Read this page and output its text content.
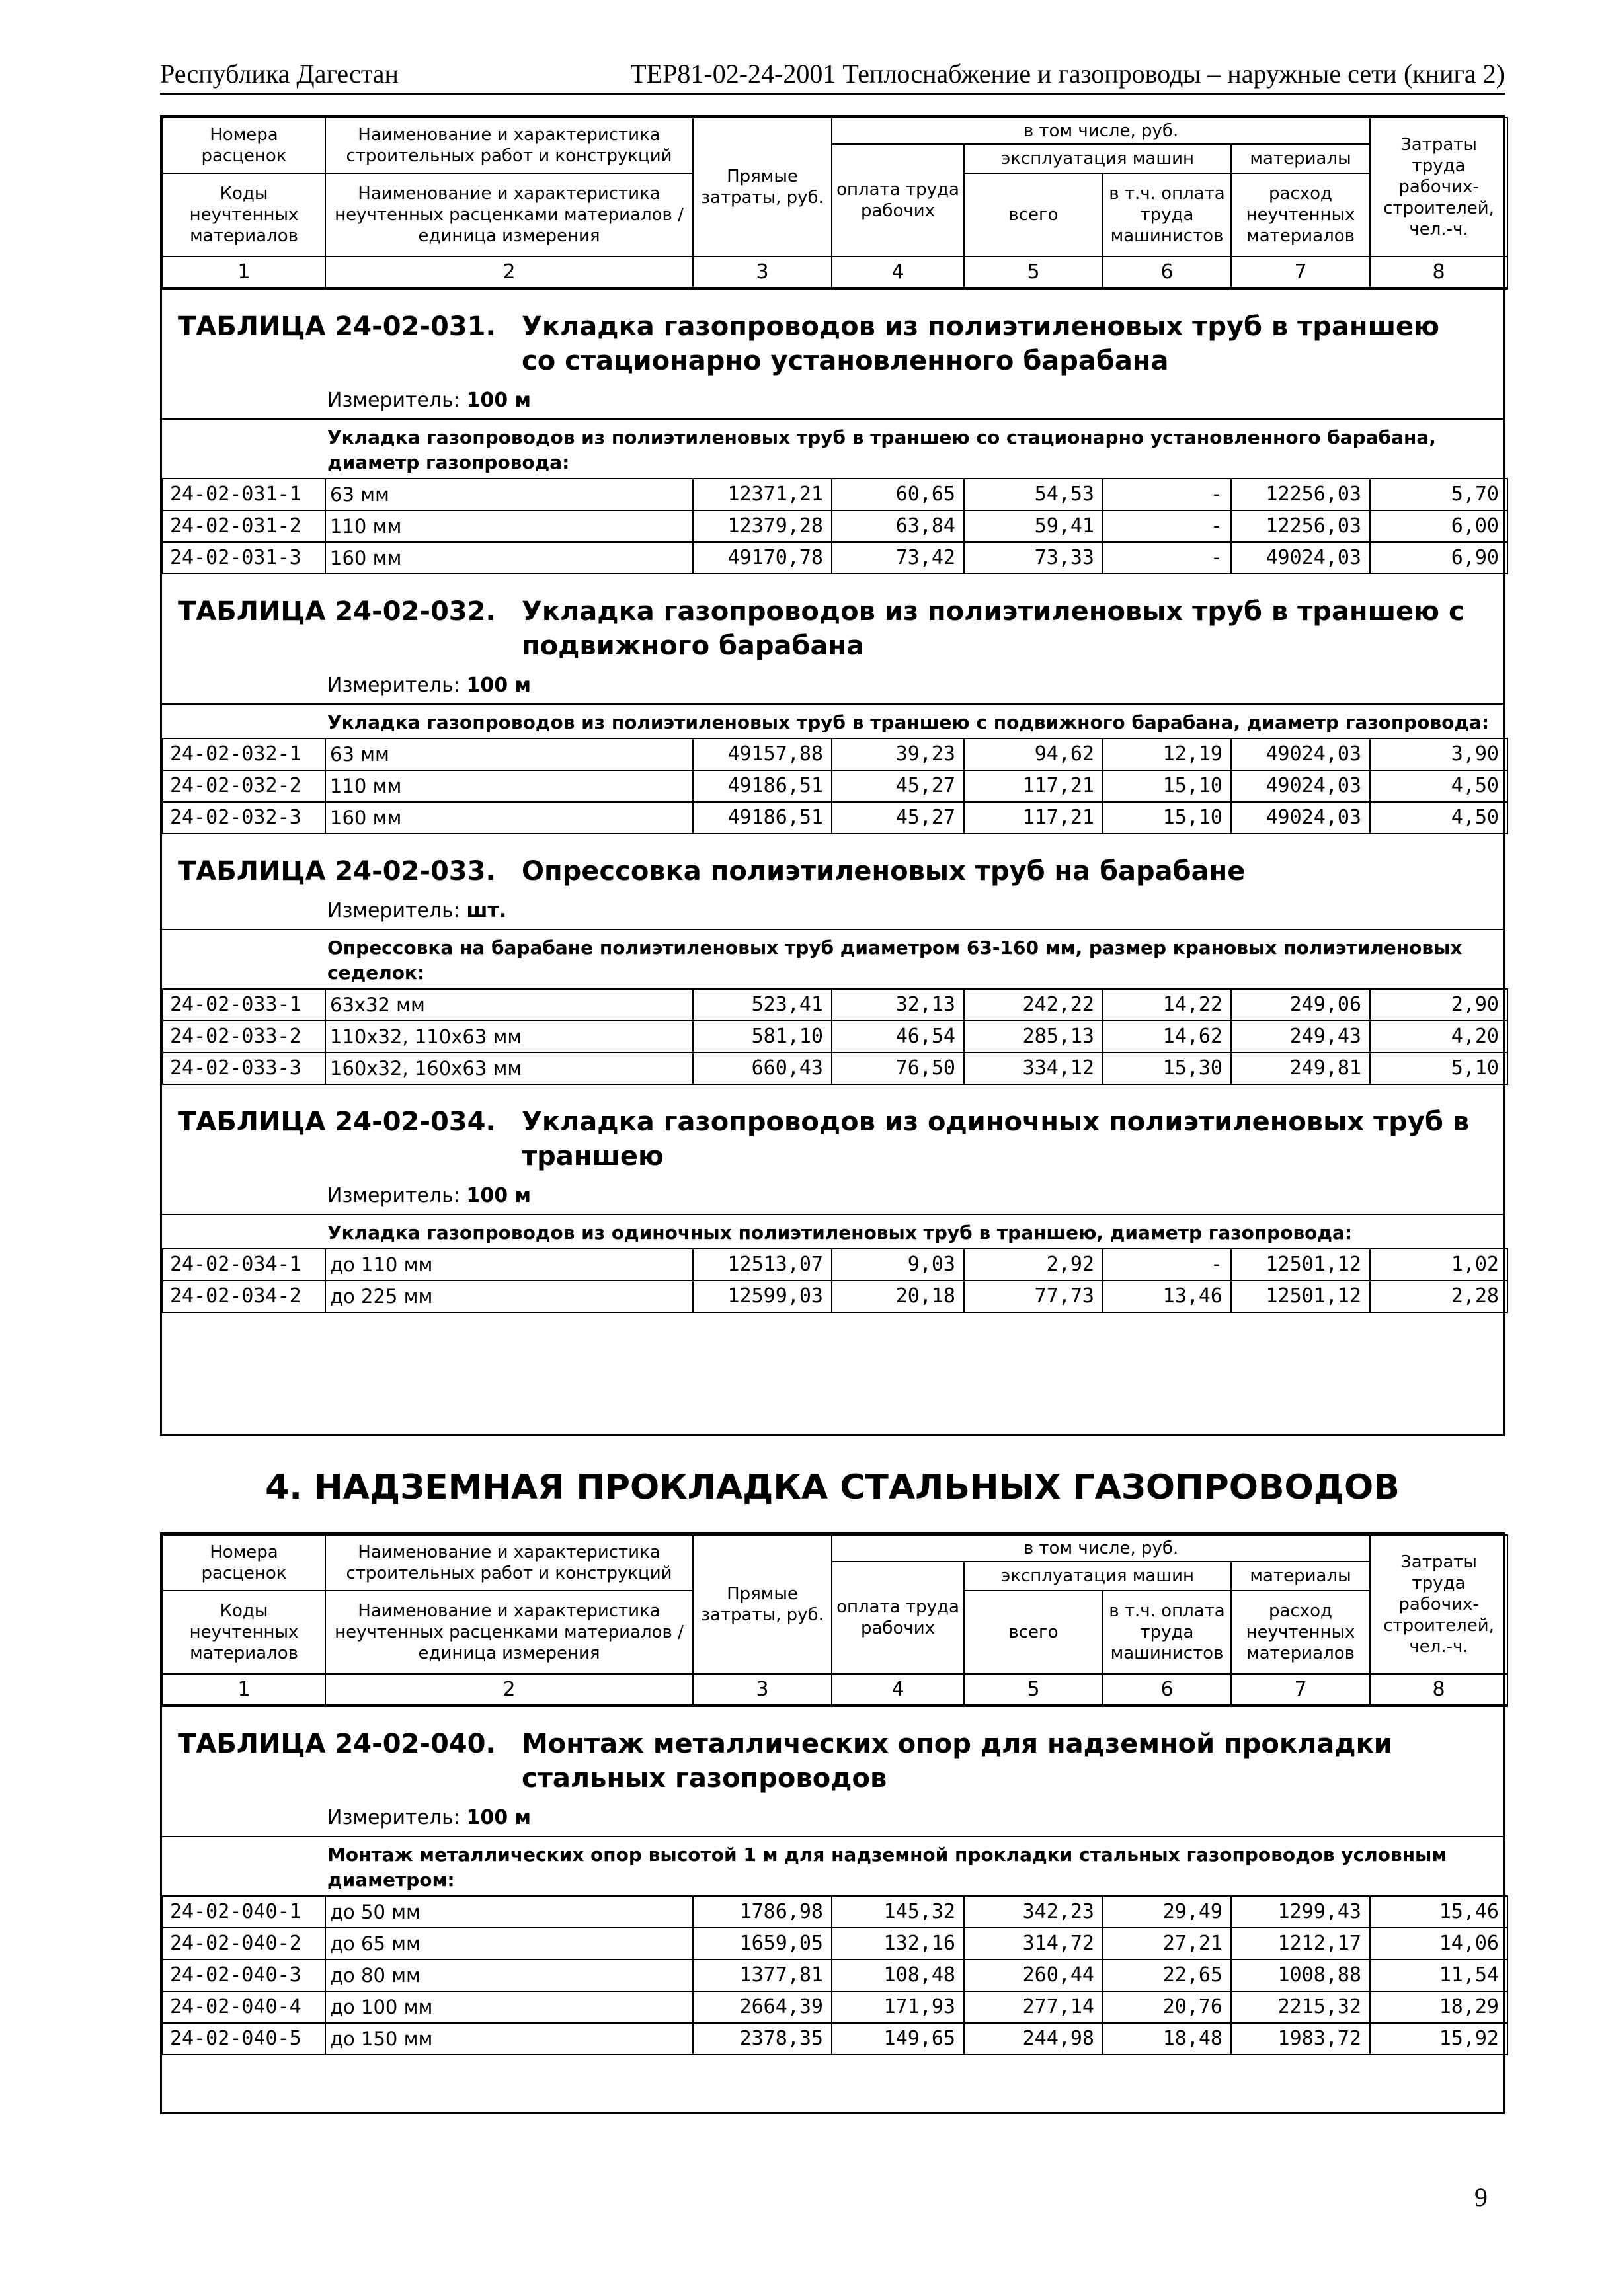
Республика Дагестан	ТЕР81-02-24-2001 Теплоснабжение и газопроводы – наружные сети (книга 2)
Номера расценок	Наименование и характеристика строительных работ и конструкций	Прямые затраты, руб.	в том числе, руб.				Затраты труда рабочих-строителей, чел.-ч.
			оплата труда рабочих	эксплуатация машин		материалы	
Коды неучтенных материалов	Наименование и характеристика неучтенных расценками материалов / единица измерения			всего	в т.ч. оплата труда машинистов	расход неучтенных материалов	

1	2	3	4	5	6	7	8
ТАБЛИЦА 24-02-031. Укладка газопроводов из полиэтиленовых труб в траншею со стационарно установленного барабана
Измеритель: 100 м
Укладка газопроводов из полиэтиленовых труб в траншею со стационарно установленного барабана, диаметр газопровода:
24-02-031-1	63 мм	12371,21	60,65	54,53	-	12256,03	5,70
24-02-031-2	110 мм	12379,28	63,84	59,41	-	12256,03	6,00
24-02-031-3	160 мм	49170,78	73,42	73,33	-	49024,03	6,90
ТАБЛИЦА 24-02-032. Укладка газопроводов из полиэтиленовых труб в траншею с подвижного барабана
Измеритель: 100 м
Укладка газопроводов из полиэтиленовых труб в траншею с подвижного барабана, диаметр газопровода:
24-02-032-1	63 мм	49157,88	39,23	94,62	12,19	49024,03	3,90
24-02-032-2	110 мм	49186,51	45,27	117,21	15,10	49024,03	4,50
24-02-032-3	160 мм	49186,51	45,27	117,21	15,10	49024,03	4,50
ТАБЛИЦА 24-02-033. Опрессовка полиэтиленовых труб на барабане
Измеритель: шт.
Опрессовка на барабане полиэтиленовых труб диаметром 63-160 мм, размер крановых полиэтиленовых седелок:
24-02-033-1	63x32 мм	523,41	32,13	242,22	14,22	249,06	2,90
24-02-033-2	110x32, 110x63 мм	581,10	46,54	285,13	14,62	249,43	4,20
24-02-033-3	160x32, 160x63 мм	660,43	76,50	334,12	15,30	249,81	5,10
ТАБЛИЦА 24-02-034. Укладка газопроводов из одиночных полиэтиленовых труб в траншею
Измеритель: 100 м
Укладка газопроводов из одиночных полиэтиленовых труб в траншею, диаметр газопровода:
24-02-034-1	до 110 мм	12513,07	9,03	2,92	-	12501,12	1,02
24-02-034-2	до 225 мм	12599,03	20,18	77,73	13,46	12501,12	2,28
4. НАДЗЕМНАЯ ПРОКЛАДКА СТАЛЬНЫХ ГАЗОПРОВОДОВ
Номера расценок	Наименование и характеристика строительных работ и конструкций	Прямые затраты, руб.	в том числе, руб.				Затраты труда рабочих-строителей, чел.-ч.
			оплата труда рабочих	эксплуатация машин		материалы	
Коды неучтенных материалов	Наименование и характеристика неучтенных расценками материалов / единица измерения			всего	в т.ч. оплата труда машинистов	расход неучтенных материалов	

1	2	3	4	5	6	7	8
ТАБЛИЦА 24-02-040. Монтаж металлических опор для надземной прокладки стальных газопроводов
Измеритель: 100 м
Монтаж металлических опор высотой 1 м для надземной прокладки стальных газопроводов условным диаметром:
24-02-040-1	до 50 мм	1786,98	145,32	342,23	29,49	1299,43	15,46
24-02-040-2	до 65 мм	1659,05	132,16	314,72	27,21	1212,17	14,06
24-02-040-3	до 80 мм	1377,81	108,48	260,44	22,65	1008,88	11,54
24-02-040-4	до 100 мм	2664,39	171,93	277,14	20,76	2215,32	18,29
24-02-040-5	до 150 мм	2378,35	149,65	244,98	18,48	1983,72	15,92
9
